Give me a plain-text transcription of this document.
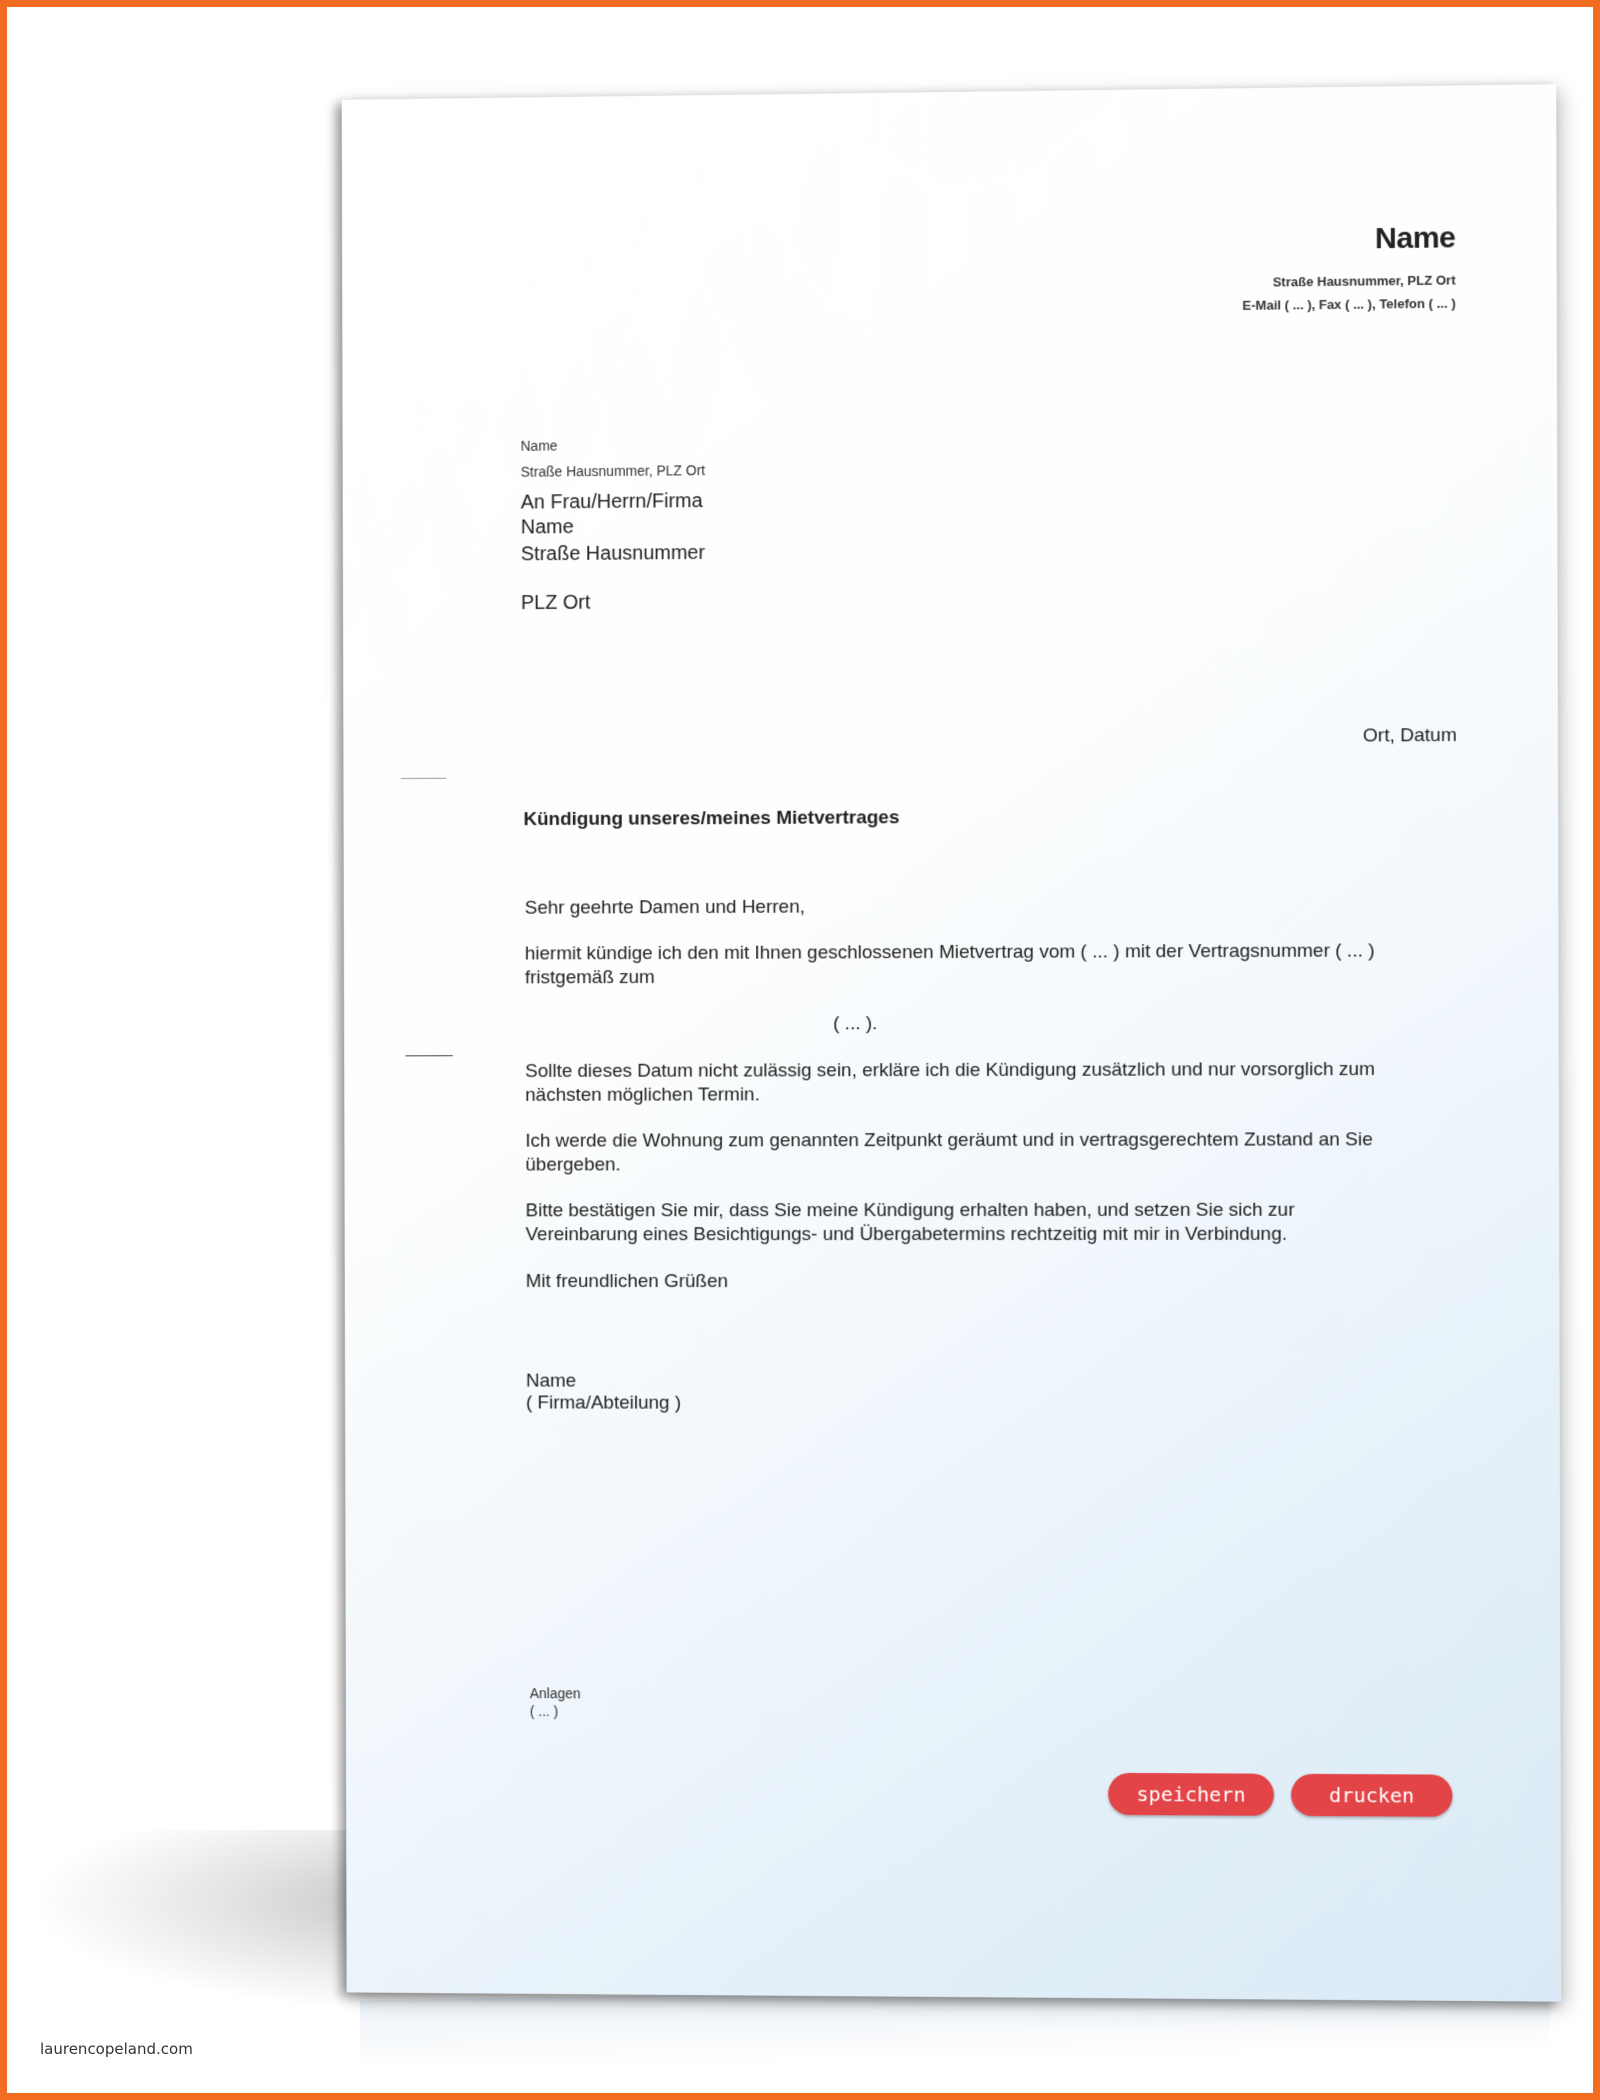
Name
Straße Hausnummer, PLZ Ort
E-Mail ( ... ), Fax ( ... ), Telefon ( ... )
Name
Straße Hausnummer, PLZ Ort
An Frau/Herrn/Firma
Name
Straße Hausnummer
PLZ Ort
Ort, Datum
Kündigung unseres/meines Mietvertrages
Sehr geehrte Damen und Herren,
hiermit kündige ich den mit Ihnen geschlossenen Mietvertrag vom ( ... ) mit der Vertragsnummer ( ... )
fristgemäß zum
( ... ).
Sollte dieses Datum nicht zulässig sein, erkläre ich die Kündigung zusätzlich und nur vorsorglich zum
nächsten möglichen Termin.
Ich werde die Wohnung zum genannten Zeitpunkt geräumt und in vertragsgerechtem Zustand an Sie
übergeben.
Bitte bestätigen Sie mir, dass Sie meine Kündigung erhalten haben, und setzen Sie sich zur
Vereinbarung eines Besichtigungs- und Übergabetermins rechtzeitig mit mir in Verbindung.
Mit freundlichen Grüßen
Name
( Firma/Abteilung )
Anlagen
( ... )
speichern	drucken
laurencopeland.com
